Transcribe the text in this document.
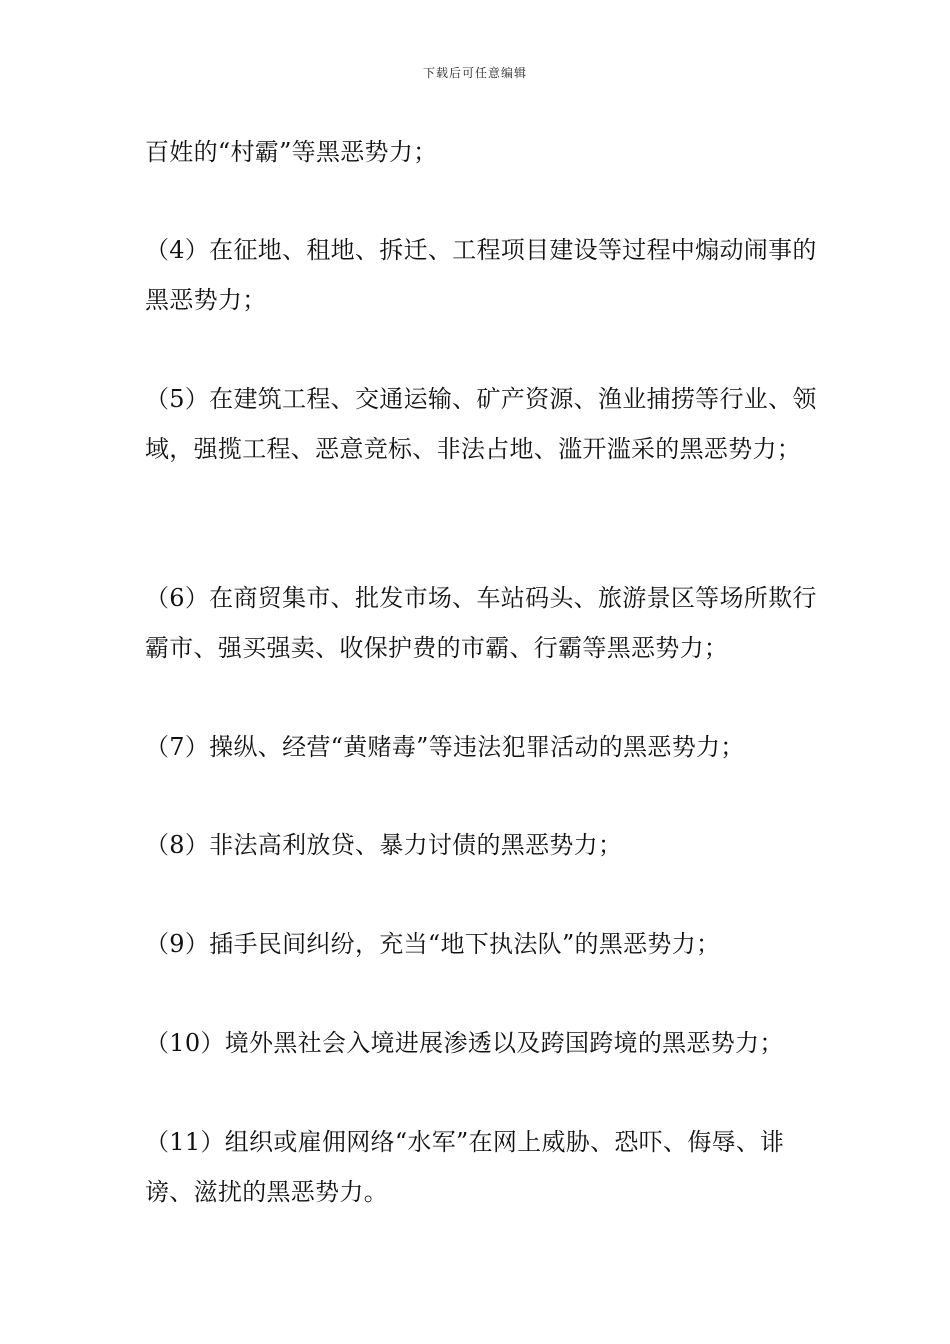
下载后可任意编辑

百姓的“村霸”等黑恶势力；

（4）在征地、租地、拆迁、工程项目建设等过程中煽动闹事的黑恶势力；

（5）在建筑工程、交通运输、矿产资源、渔业捕捞等行业、领域，强揽工程、恶意竞标、非法占地、滥开滥采的黑恶势力；

（6）在商贸集市、批发市场、车站码头、旅游景区等场所欺行霸市、强买强卖、收保护费的市霸、行霸等黑恶势力；

（7）操纵、经营“黄赌毒”等违法犯罪活动的黑恶势力；

（8）非法高利放贷、暴力讨债的黑恶势力；

（9）插手民间纠纷，充当“地下执法队”的黑恶势力；

（10）境外黑社会入境进展渗透以及跨国跨境的黑恶势力；

（11）组织或雇佣网络“水军”在网上威胁、恐吓、侮辱、诽谤、滋扰的黑恶势力。
